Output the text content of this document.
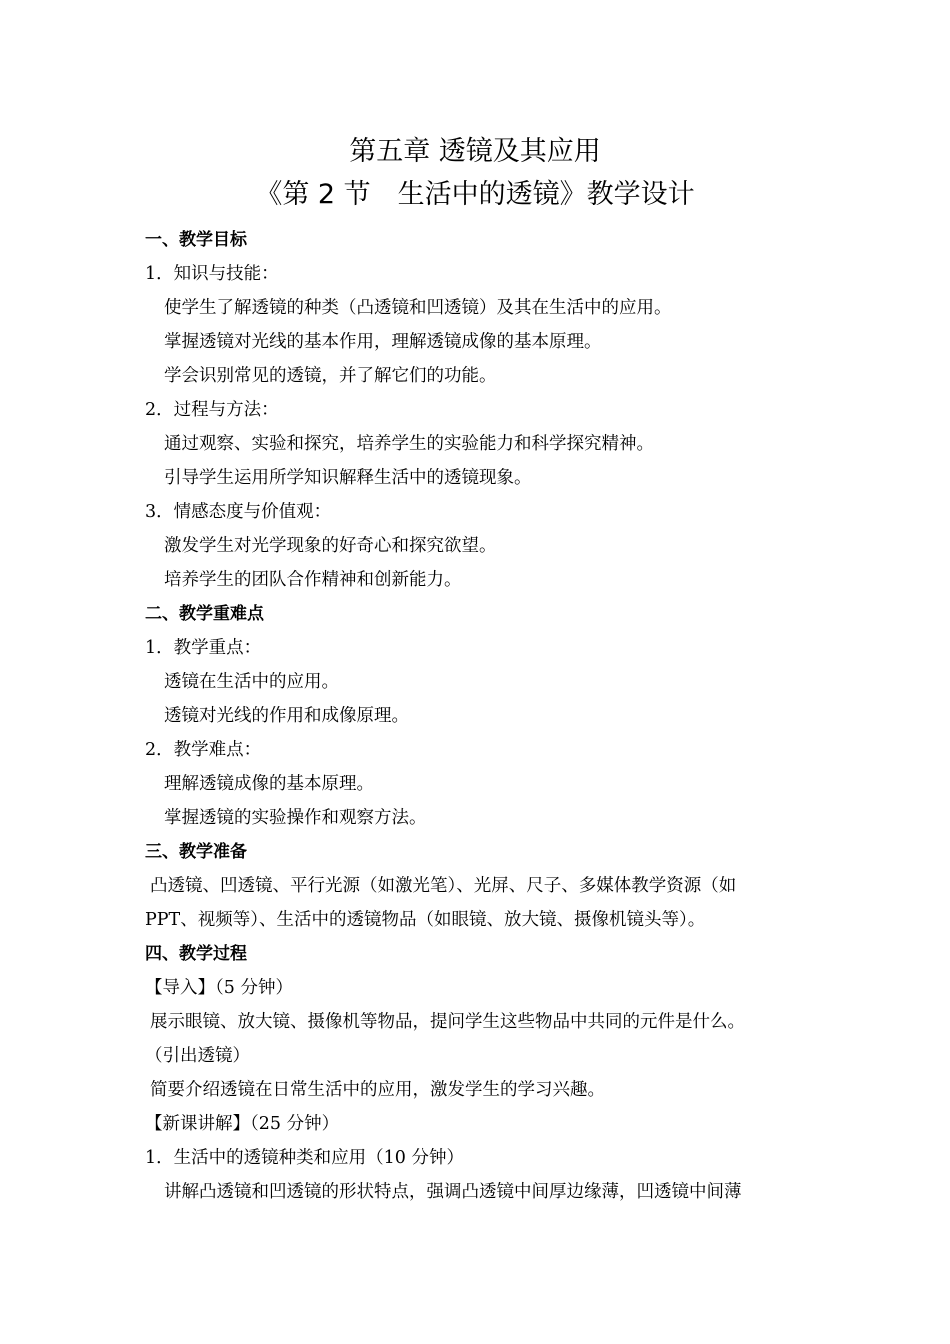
第五章 透镜及其应用
《第 2 节　生活中的透镜》教学设计
一、教学目标
1．知识与技能：
使学生了解透镜的种类（凸透镜和凹透镜）及其在生活中的应用。
掌握透镜对光线的基本作用，理解透镜成像的基本原理。
学会识别常见的透镜，并了解它们的功能。
2．过程与方法：
通过观察、实验和探究，培养学生的实验能力和科学探究精神。
引导学生运用所学知识解释生活中的透镜现象。
3．情感态度与价值观：
激发学生对光学现象的好奇心和探究欲望。
培养学生的团队合作精神和创新能力。
二、教学重难点
1．教学重点：
透镜在生活中的应用。
透镜对光线的作用和成像原理。
2．教学难点：
理解透镜成像的基本原理。
掌握透镜的实验操作和观察方法。
三、教学准备
凸透镜、凹透镜、平行光源（如激光笔）、光屏、尺子、多媒体教学资源（如
PPT、视频等）、生活中的透镜物品（如眼镜、放大镜、摄像机镜头等）。
四、教学过程
【导入】（5 分钟）
展示眼镜、放大镜、摄像机等物品，提问学生这些物品中共同的元件是什么。
（引出透镜）
简要介绍透镜在日常生活中的应用，激发学生的学习兴趣。
【新课讲解】（25 分钟）
1．生活中的透镜种类和应用（10 分钟）
讲解凸透镜和凹透镜的形状特点，强调凸透镜中间厚边缘薄，凹透镜中间薄
